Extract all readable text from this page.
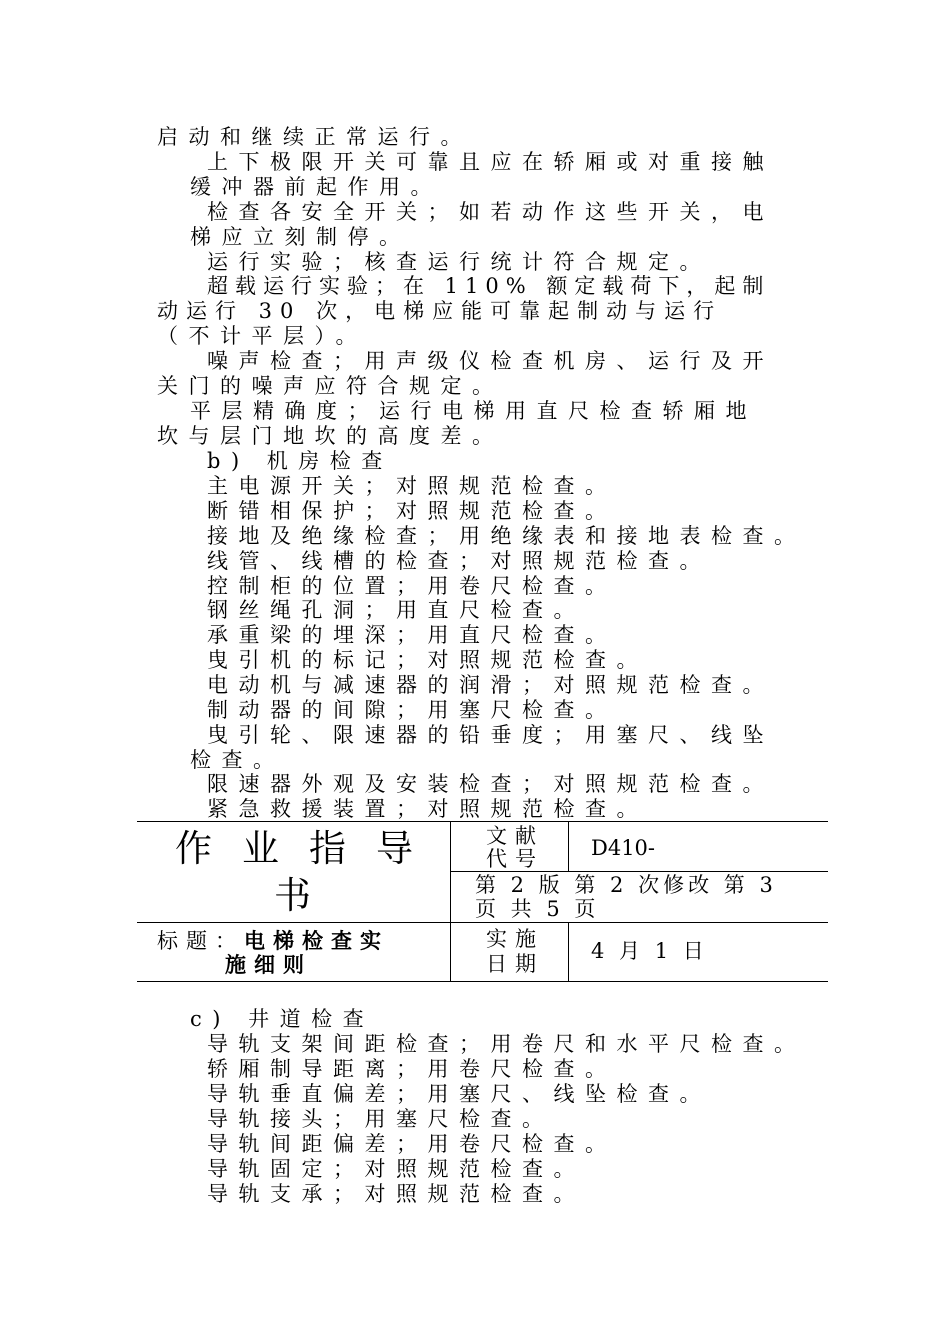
启动和继续正常运行。
上下极限开关可靠且应在轿厢或对重接触
缓冲器前起作用。
检查各安全开关；如若动作这些开关，电
梯应立刻制停。
运行实验；核查运行统计符合规定。
超载运行实验；在 110% 额定载荷下，起制
动运行 30 次，电梯应能可靠起制动与运行
（不计平层）。
噪声检查；用声级仪检查机房、运行及开
关门的噪声应符合规定。
平层精确度；运行电梯用直尺检查轿厢地
坎与层门地坎的高度差。
b) 机房检查
主电源开关；对照规范检查。
断错相保护；对照规范检查。
接地及绝缘检查；用绝缘表和接地表检查。
线管、线槽的检查；对照规范检查。
控制柜的位置；用卷尺检查。
钢丝绳孔洞；用直尺检查。
承重梁的埋深；用直尺检查。
曳引机的标记；对照规范检查。
电动机与减速器的润滑；对照规范检查。
制动器的间隙；用塞尺检查。
曳引轮、限速器的铅垂度；用塞尺、线坠
检查。
限速器外观及安装检查；对照规范检查。
紧急救援装置；对照规范检查。
作业指导
书
文献
代号 D410-
第 2 版 第 2 次修改 第 3
页 共 5 页
标题：电梯检查实
施细则
实施
日期
4 月 1 日
c) 井道检查
导轨支架间距检查；用卷尺和水平尺检查。
轿厢制导距离；用卷尺检查。
导轨垂直偏差；用塞尺、线坠检查。
导轨接头；用塞尺检查。
导轨间距偏差；用卷尺检查。
导轨固定；对照规范检查。
导轨支承；对照规范检查。
